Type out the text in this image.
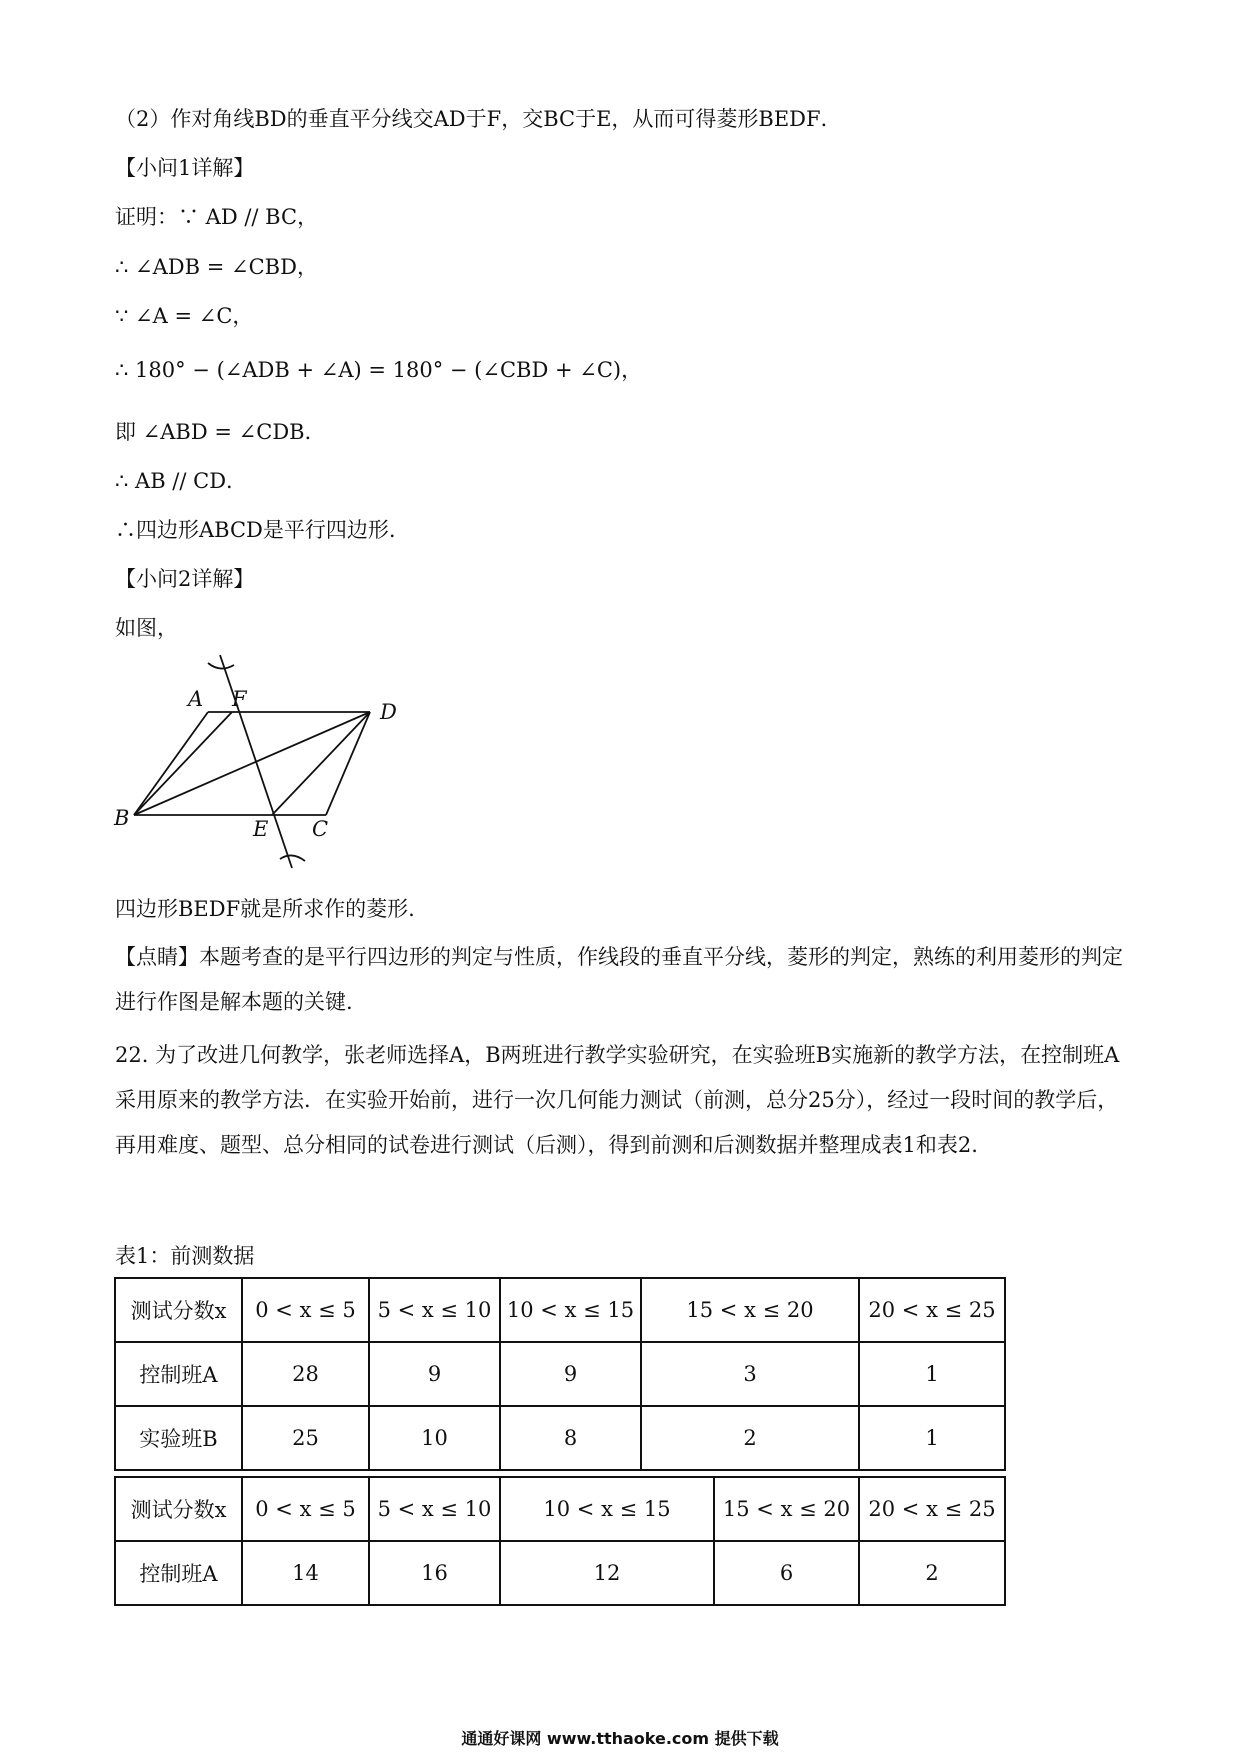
（2）作对角线BD的垂直平分线交AD于F，交BC于E，从而可得菱形BEDF．
【小问1详解】
证明：∵ AD // BC，
∴ ∠ADB = ∠CBD，
∵ ∠A = ∠C，
∴ 180° − (∠ADB + ∠A) = 180° − (∠CBD + ∠C)，
即 ∠ABD = ∠CDB．
∴ AB // CD．
∴四边形ABCD是平行四边形.
【小问2详解】
如图，
A F
D
B	E C
四边形BEDF就是所求作的菱形.
【点睛】本题考查的是平行四边形的判定与性质，作线段的垂直平分线，菱形的判定，熟练的利用菱形的判定进行作图是解本题的关键.
22. 为了改进几何教学，张老师选择A，B两班进行教学实验研究，在实验班B实施新的教学方法，在控制班A采用原来的教学方法．在实验开始前，进行一次几何能力测试（前测，总分25分），经过一段时间的教学后，再用难度、题型、总分相同的试卷进行测试（后测），得到前测和后测数据并整理成表1和表2.
表1：前测数据
测试分数x	0 < x ≤ 5	5 < x ≤ 10	10 < x ≤ 15	15 < x ≤ 20	20 < x ≤ 25
控制班A	28	9	9	3	1
实验班B	25	10	8	2	1
测试分数x	0 < x ≤ 5	5 < x ≤ 10	10 < x ≤ 15	15 < x ≤ 20	20 < x ≤ 25
控制班A	14	16	12	6	2
通通好课网 www.tthaoke.com 提供下载
